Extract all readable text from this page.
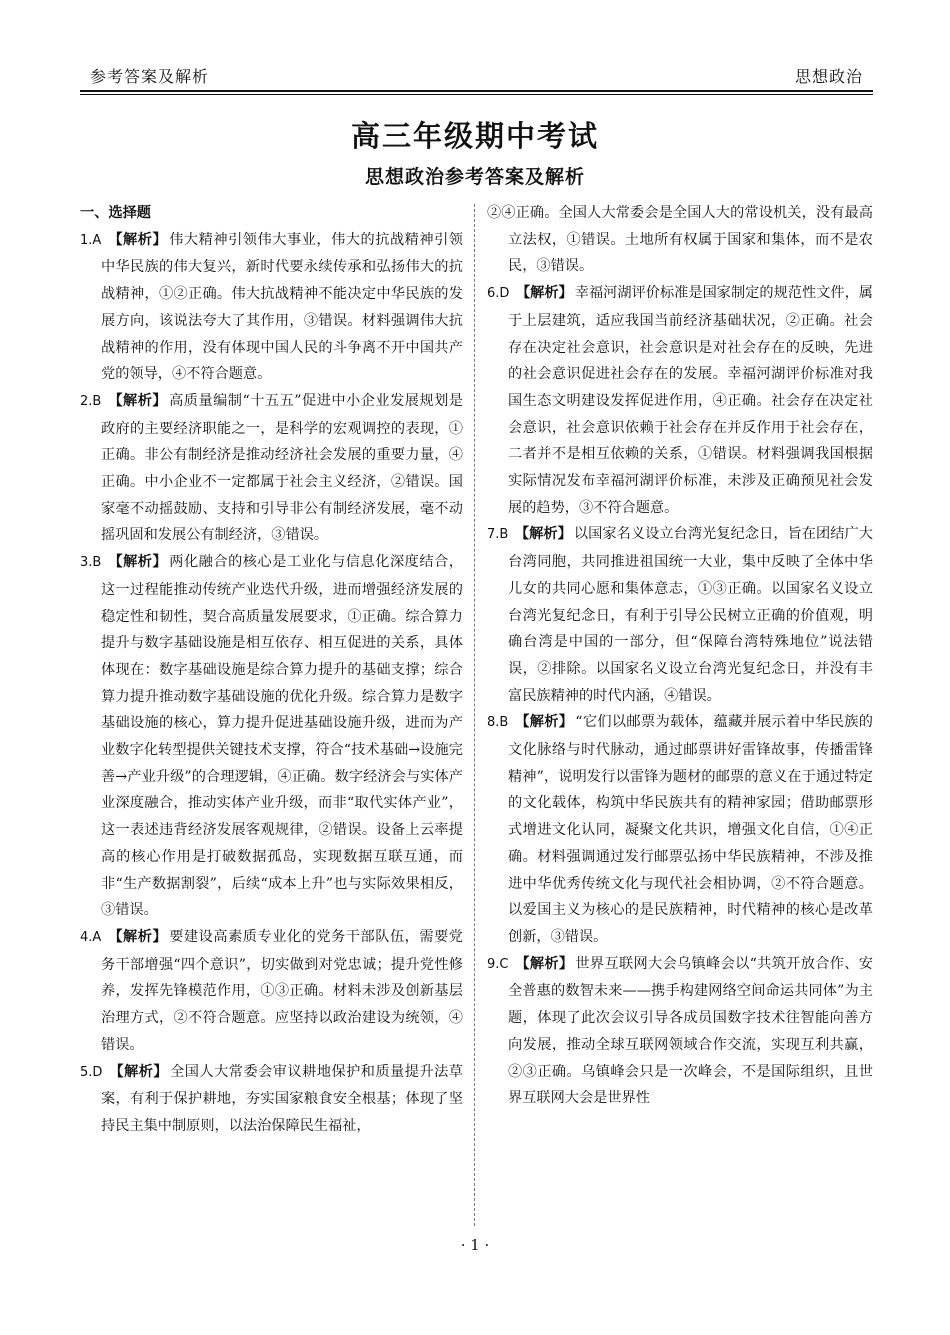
参考答案及解析	思想政治
高三年级期中考试
思想政治参考答案及解析

一、选择题

1.A 【解析】 伟大精神引领伟大事业，伟大的抗战精神引领中华民族的伟大复兴，新时代要永续传承和弘扬伟大的抗战精神，①②正确。伟大抗战精神不能决定中华民族的发展方向，该说法夸大了其作用，③错误。材料强调伟大抗战精神的作用，没有体现中国人民的斗争离不开中国共产党的领导，④不符合题意。

2.B 【解析】 高质量编制“十五五”促进中小企业发展规划是政府的主要经济职能之一，是科学的宏观调控的表现，①正确。非公有制经济是推动经济社会发展的重要力量，④正确。中小企业不一定都属于社会主义经济，②错误。国家毫不动摇鼓励、支持和引导非公有制经济发展，毫不动摇巩固和发展公有制经济，③错误。

3.B 【解析】 两化融合的核心是工业化与信息化深度结合，这一过程能推动传统产业迭代升级，进而增强经济发展的稳定性和韧性，契合高质量发展要求，①正确。综合算力提升与数字基础设施是相互依存、相互促进的关系，具体体现在：数字基础设施是综合算力提升的基础支撑；综合算力提升推动数字基础设施的优化升级。综合算力是数字基础设施的核心，算力提升促进基础设施升级，进而为产业数字化转型提供关键技术支撑，符合“技术基础→设施完善→产业升级”的合理逻辑，④正确。数字经济会与实体产业深度融合，推动实体产业升级，而非“取代实体产业”，这一表述违背经济发展客观规律，②错误。设备上云率提高的核心作用是打破数据孤岛，实现数据互联互通，而非“生产数据割裂”，后续“成本上升”也与实际效果相反，③错误。

4.A 【解析】 要建设高素质专业化的党务干部队伍，需要党务干部增强“四个意识”，切实做到对党忠诚；提升党性修养，发挥先锋模范作用，①③正确。材料未涉及创新基层治理方式，②不符合题意。应坚持以政治建设为统领，④错误。

5.D 【解析】 全国人大常委会审议耕地保护和质量提升法草案，有利于保护耕地，夯实国家粮食安全根基；体现了坚持民主集中制原则，以法治保障民生福祉，

②④正确。全国人大常委会是全国人大的常设机关，没有最高立法权，①错误。土地所有权属于国家和集体，而不是农民，③错误。

6.D 【解析】 幸福河湖评价标准是国家制定的规范性文件，属于上层建筑，适应我国当前经济基础状况，②正确。社会存在决定社会意识，社会意识是对社会存在的反映，先进的社会意识促进社会存在的发展。幸福河湖评价标准对我国生态文明建设发挥促进作用，④正确。社会存在决定社会意识，社会意识依赖于社会存在并反作用于社会存在，二者并不是相互依赖的关系，①错误。材料强调我国根据实际情况发布幸福河湖评价标准，未涉及正确预见社会发展的趋势，③不符合题意。

7.B 【解析】 以国家名义设立台湾光复纪念日，旨在团结广大台湾同胞，共同推进祖国统一大业，集中反映了全体中华儿女的共同心愿和集体意志，①③正确。以国家名义设立台湾光复纪念日，有利于引导公民树立正确的价值观，明确台湾是中国的一部分，但“保障台湾特殊地位”说法错误，②排除。以国家名义设立台湾光复纪念日，并没有丰富民族精神的时代内涵，④错误。

8.B 【解析】 “它们以邮票为载体，蕴藏并展示着中华民族的文化脉络与时代脉动，通过邮票讲好雷锋故事，传播雷锋精神”，说明发行以雷锋为题材的邮票的意义在于通过特定的文化载体，构筑中华民族共有的精神家园；借助邮票形式增进文化认同，凝聚文化共识，增强文化自信，①④正确。材料强调通过发行邮票弘扬中华民族精神，不涉及推进中华优秀传统文化与现代社会相协调，②不符合题意。以爱国主义为核心的是民族精神，时代精神的核心是改革创新，③错误。

9.C 【解析】 世界互联网大会乌镇峰会以“共筑开放合作、安全普惠的数智未来——携手构建网络空间命运共同体”为主题，体现了此次会议引导各成员国数字技术往智能向善方向发展，推动全球互联网领域合作交流，实现互利共赢，②③正确。乌镇峰会只是一次峰会，不是国际组织，且世界互联网大会是世界性

· 1 ·
